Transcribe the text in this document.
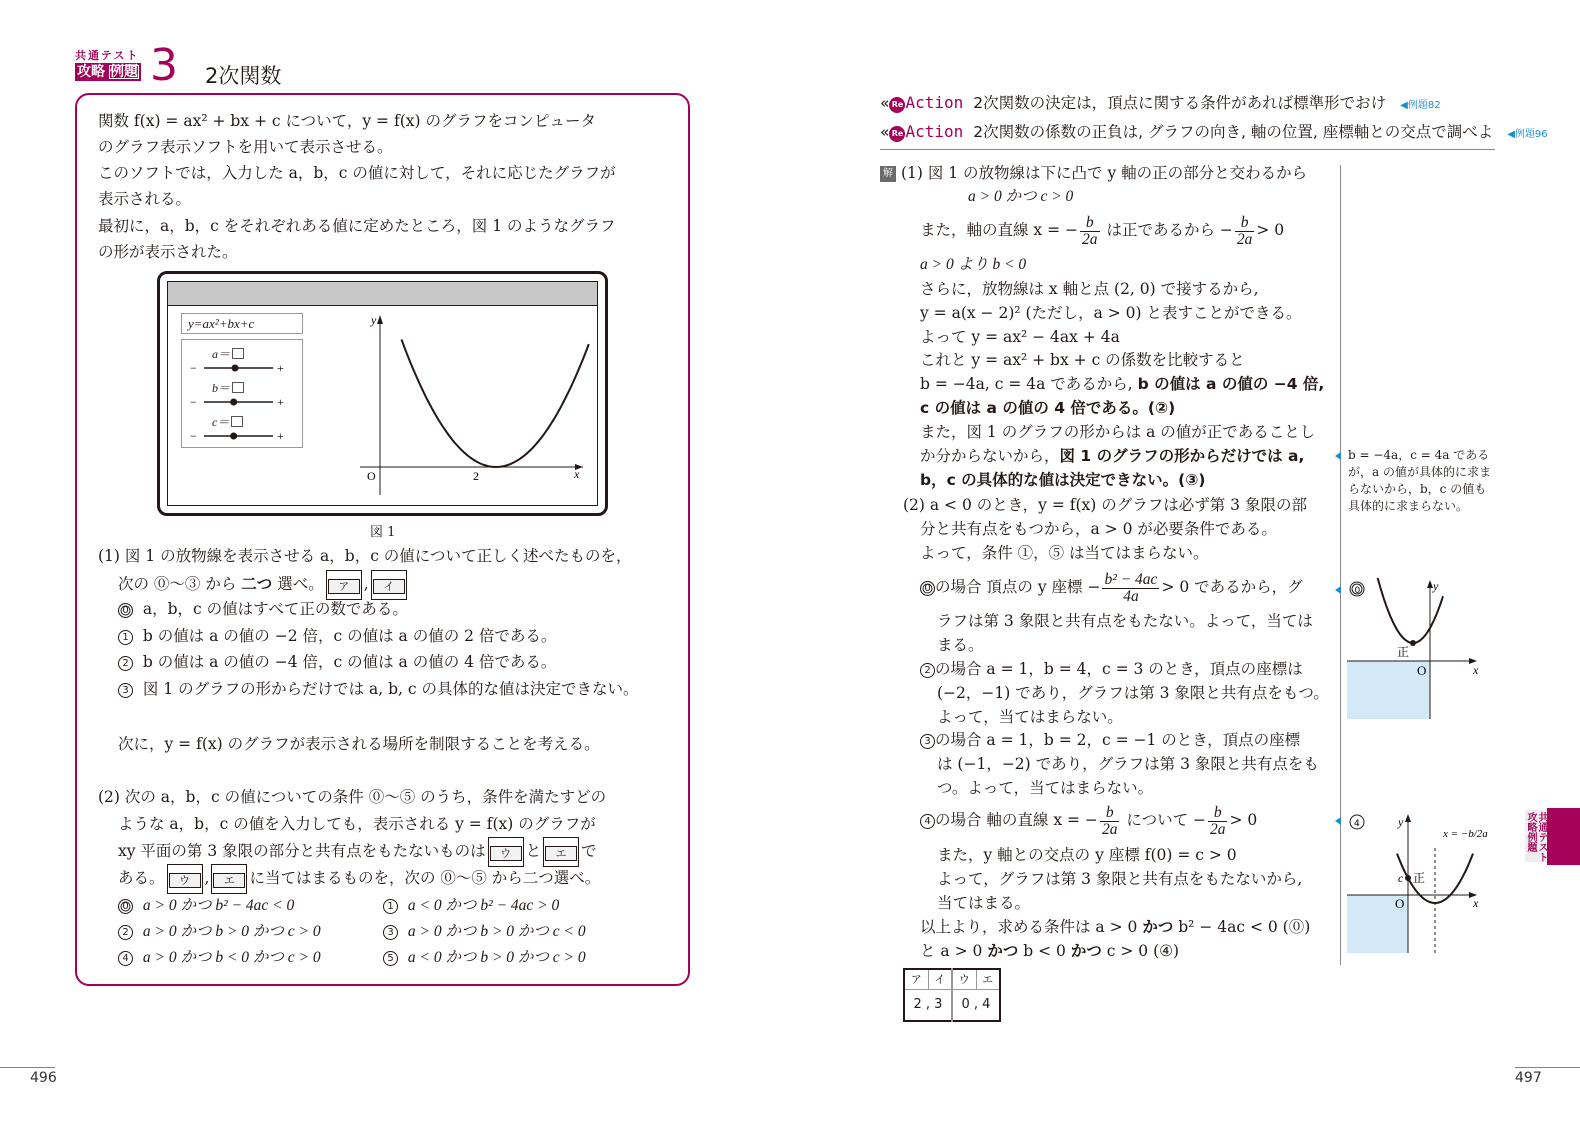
共通テスト
攻略 例題 3 2次関数
関数 f(x) = ax² + bx + c について，y = f(x) のグラフをコンピュータ
のグラフ表示ソフトを用いて表示させる。
このソフトでは，入力した a，b，c の値に対して，それに応じたグラフが
表示される。
最初に，a，b，c をそれぞれある値に定めたところ，図 1 のようなグラフ
の形が表示された。
y=ax²+bx+c
a＝
b＝
c＝
−	+
−	+
−	+
y
x
O	2
図 1
(1) 図 1 の放物線を表示させる a，b，c の値について正しく述べたものを，
次の ⓪〜③ から 二つ 選べ。 ア , イ
0 a，b，c の値はすべて正の数である。
1 b の値は a の値の −2 倍，c の値は a の値の 2 倍である。
2 b の値は a の値の −4 倍，c の値は a の値の 4 倍である。
3 図 1 のグラフの形からだけでは a, b, c の具体的な値は決定できない。
次に，y = f(x) のグラフが表示される場所を制限することを考える。
(2) 次の a，b，c の値についての条件 ⓪〜⑤ のうち，条件を満たすどの
ような a，b，c の値を入力しても，表示される y = f(x) のグラフが
xy 平面の第 3 象限の部分と共有点をもたないものは ウ と エ で
ある。 ウ , エ に当てはまるものを，次の ⓪〜⑤ から二つ選べ。
0 a > 0 かつ b² − 4ac < 0	1 a < 0 かつ b² − 4ac > 0
2 a > 0 かつ b > 0 かつ c > 0	3 a > 0 かつ b > 0 かつ c < 0
4 a > 0 かつ b < 0 かつ c > 0	5 a < 0 かつ b > 0 かつ c > 0
496
« Re Action 2次関数の決定は，頂点に関する条件があれば標準形でおけ ◀例題82
« Re Action 2次関数の係数の正負は, グラフの向き, 軸の位置, 座標軸との交点で調べよ ◀例題96
解 (1) 図 1 の放物線は下に凸で y 軸の正の部分と交わるから
a > 0 かつ c > 0
また，軸の直線 x = − $\frac{b}{2a}$ は正であるから − $\frac{b}{2a} > 0$
a > 0 より b < 0
さらに，放物線は x 軸と点 (2, 0) で接するから,
y = a(x − 2)² (ただし，a > 0) と表すことができる。
よって y = ax² − 4ax + 4a
これと y = ax² + bx + c の係数を比較すると
b = −4a, c = 4a であるから, b の値は a の値の −4 倍,
c の値は a の値の 4 倍である。(②)
また，図 1 のグラフの形からは a の値が正であることし
か分からないから，図 1 のグラフの形からだけでは a,
b，c の具体的な値は決定できない。(③)
(2) a < 0 のとき，y = f(x) のグラフは必ず第 3 象限の部
分と共有点をもつから，a > 0 が必要条件である。
よって，条件 ①，⑤ は当てはまらない。
0 の場合 頂点の y 座標 − $\frac{\text{b² − 4ac}}{4a} > 0$ であるから，グ
ラフは第 3 象限と共有点をもたない。よって，当ては
まる。
2 の場合 a = 1，b = 4，c = 3 のとき，頂点の座標は
(−2，−1) であり，グラフは第 3 象限と共有点をもつ。
よって，当てはまらない。
3 の場合 a = 1，b = 2，c = −1 のとき，頂点の座標
は (−1，−2) であり，グラフは第 3 象限と共有点をも
つ。よって，当てはまらない。
4 の場合 軸の直線 x = − $\frac{b}{2a}$ について − $\frac{b}{2a} > 0$
また，y 軸との交点の y 座標 f(0) = c > 0
よって，グラフは第 3 象限と共有点をもたないから,
当てはまる。
以上より，求める条件は a > 0 かつ b² − 4ac < 0 (⓪)
と a > 0 かつ b < 0 かつ c > 0 (④)
b = −4a，c = 4a であるが，a の値が具体的に求まらないから，b，c の値も具体的に求まらない。
0
正
O	x
y
4
x = −b/2a
c 正
O	x
y
ア	イ	ウ	エ
2 , 3		0 , 4	
共通テスト攻略例題
497
